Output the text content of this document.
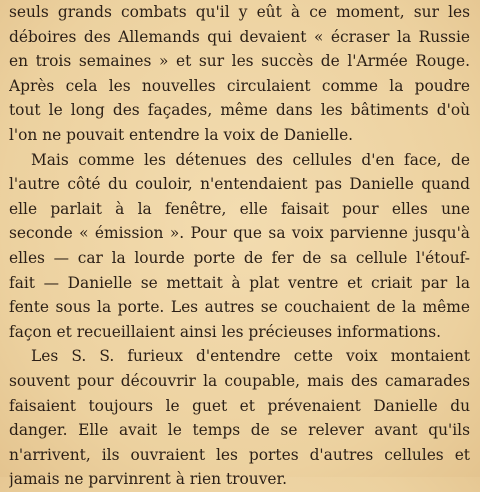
seuls grands combats qu'il y eût à ce moment, sur les
déboires des Allemands qui devaient « écraser la Russie
en trois semaines » et sur les succès de l'Armée Rouge.
Après cela les nouvelles circulaient comme la poudre
tout le long des façades, même dans les bâtiments d'où
l'on ne pouvait entendre la voix de Danielle.
Mais comme les détenues des cellules d'en face, de
l'autre côté du couloir, n'entendaient pas Danielle quand
elle parlait à la fenêtre, elle faisait pour elles une
seconde « émission ». Pour que sa voix parvienne jusqu'à
elles — car la lourde porte de fer de sa cellule l'étouf-
fait — Danielle se mettait à plat ventre et criait par la
fente sous la porte. Les autres se couchaient de la même
façon et recueillaient ainsi les précieuses informations.
Les S. S. furieux d'entendre cette voix montaient
souvent pour découvrir la coupable, mais des camarades
faisaient toujours le guet et prévenaient Danielle du
danger. Elle avait le temps de se relever avant qu'ils
n'arrivent, ils ouvraient les portes d'autres cellules et
jamais ne parvinrent à rien trouver.
